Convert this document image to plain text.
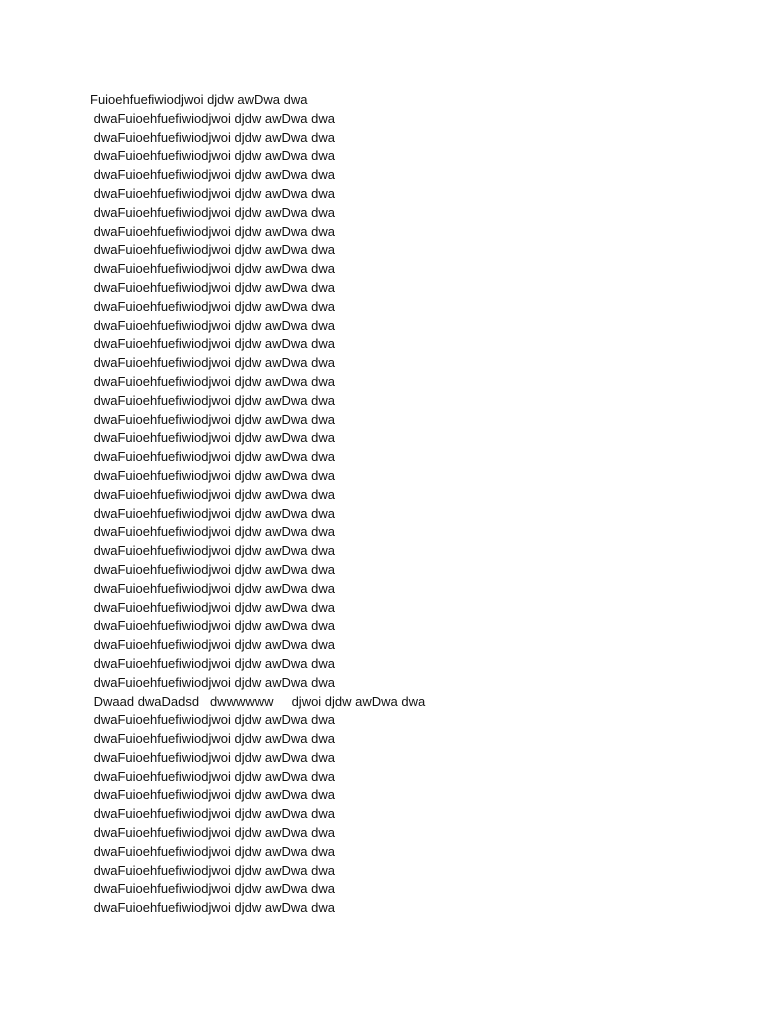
Fuioehfuefiwiodjwoi djdw awDwa dwa
dwaFuioehfuefiwiodjwoi djdw awDwa dwa
dwaFuioehfuefiwiodjwoi djdw awDwa dwa
dwaFuioehfuefiwiodjwoi djdw awDwa dwa
dwaFuioehfuefiwiodjwoi djdw awDwa dwa
dwaFuioehfuefiwiodjwoi djdw awDwa dwa
dwaFuioehfuefiwiodjwoi djdw awDwa dwa
dwaFuioehfuefiwiodjwoi djdw awDwa dwa
dwaFuioehfuefiwiodjwoi djdw awDwa dwa
dwaFuioehfuefiwiodjwoi djdw awDwa dwa
dwaFuioehfuefiwiodjwoi djdw awDwa dwa
dwaFuioehfuefiwiodjwoi djdw awDwa dwa
dwaFuioehfuefiwiodjwoi djdw awDwa dwa
dwaFuioehfuefiwiodjwoi djdw awDwa dwa
dwaFuioehfuefiwiodjwoi djdw awDwa dwa
dwaFuioehfuefiwiodjwoi djdw awDwa dwa
dwaFuioehfuefiwiodjwoi djdw awDwa dwa
dwaFuioehfuefiwiodjwoi djdw awDwa dwa
dwaFuioehfuefiwiodjwoi djdw awDwa dwa
dwaFuioehfuefiwiodjwoi djdw awDwa dwa
dwaFuioehfuefiwiodjwoi djdw awDwa dwa
dwaFuioehfuefiwiodjwoi djdw awDwa dwa
dwaFuioehfuefiwiodjwoi djdw awDwa dwa
dwaFuioehfuefiwiodjwoi djdw awDwa dwa
dwaFuioehfuefiwiodjwoi djdw awDwa dwa
dwaFuioehfuefiwiodjwoi djdw awDwa dwa
dwaFuioehfuefiwiodjwoi djdw awDwa dwa
dwaFuioehfuefiwiodjwoi djdw awDwa dwa
dwaFuioehfuefiwiodjwoi djdw awDwa dwa
dwaFuioehfuefiwiodjwoi djdw awDwa dwa
dwaFuioehfuefiwiodjwoi djdw awDwa dwa
dwaFuioehfuefiwiodjwoi djdw awDwa dwa
Dwaad dwaDadsd   dwwwwww     djwoi djdw awDwa dwa
dwaFuioehfuefiwiodjwoi djdw awDwa dwa
dwaFuioehfuefiwiodjwoi djdw awDwa dwa
dwaFuioehfuefiwiodjwoi djdw awDwa dwa
dwaFuioehfuefiwiodjwoi djdw awDwa dwa
dwaFuioehfuefiwiodjwoi djdw awDwa dwa
dwaFuioehfuefiwiodjwoi djdw awDwa dwa
dwaFuioehfuefiwiodjwoi djdw awDwa dwa
dwaFuioehfuefiwiodjwoi djdw awDwa dwa
dwaFuioehfuefiwiodjwoi djdw awDwa dwa
dwaFuioehfuefiwiodjwoi djdw awDwa dwa
dwaFuioehfuefiwiodjwoi djdw awDwa dwa
